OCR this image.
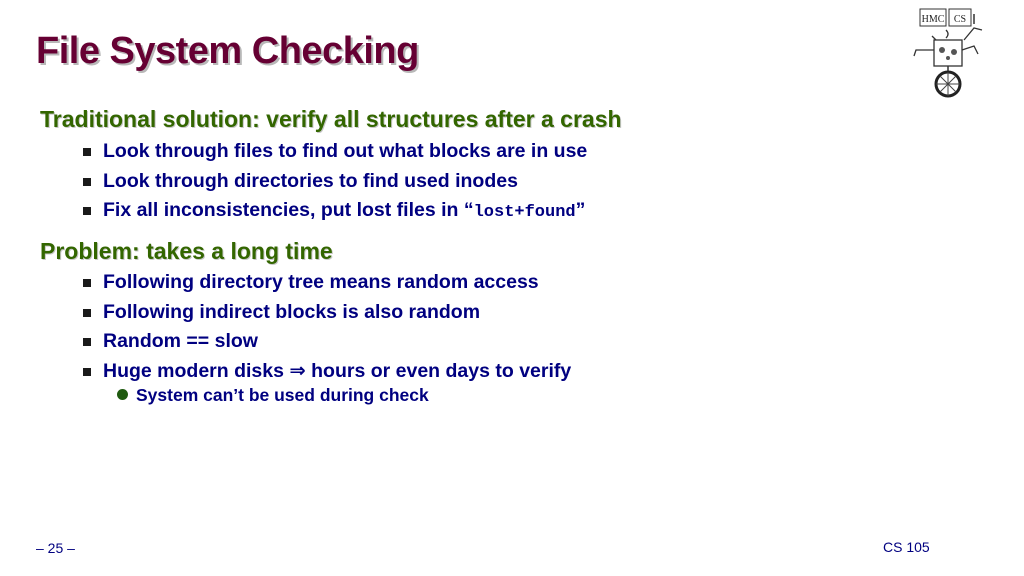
File System Checking
HMC CS
Traditional solution: verify all structures after a crash
Look through files to find out what blocks are in use
Look through directories to find used inodes
Fix all inconsistencies, put lost files in “lost+found”
Problem: takes a long time
Following directory tree means random access
Following indirect blocks is also random
Random == slow
Huge modern disks ⇒ hours or even days to verify
System can’t be used during check
– 25 –	CS 105
